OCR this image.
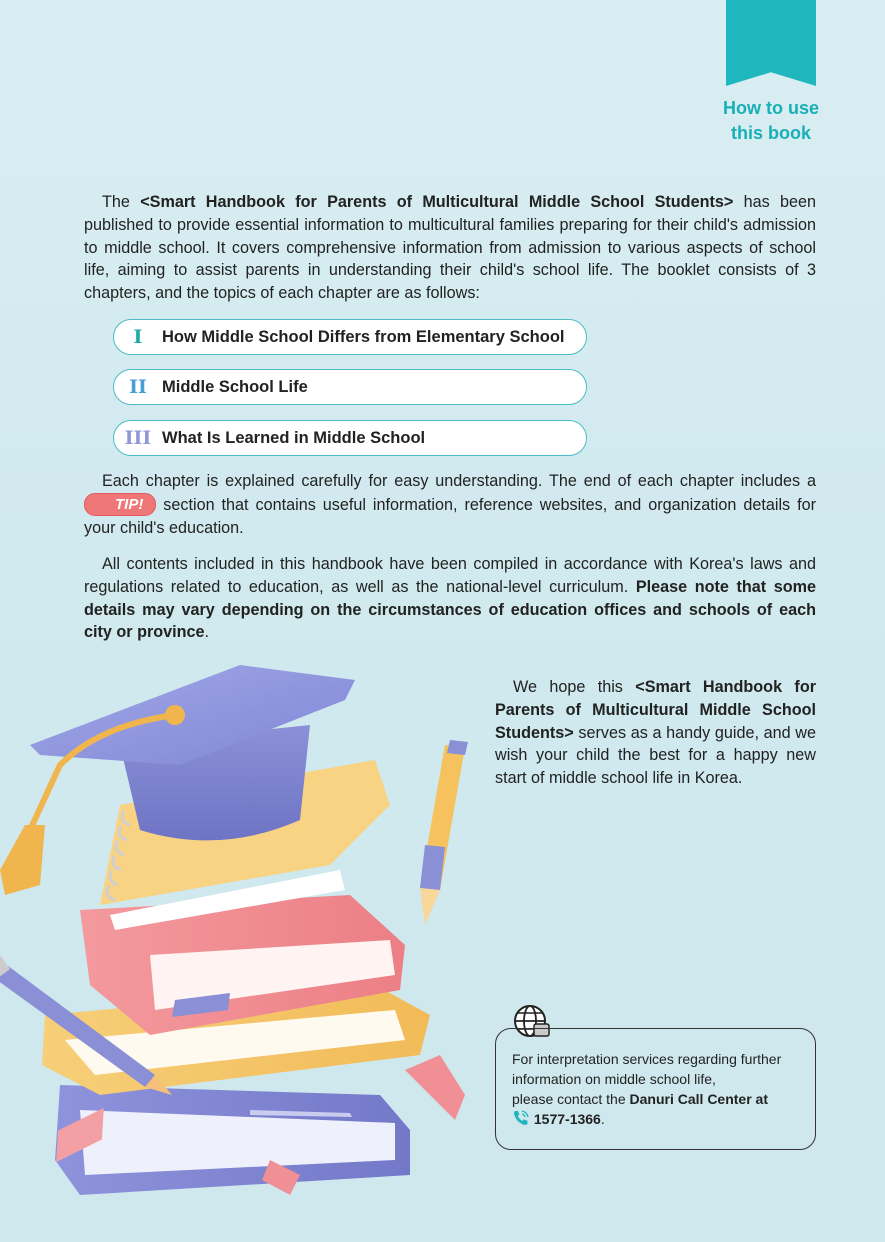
How to use
this book

The <Smart Handbook for Parents of Multicultural Middle School Students> has been published to provide essential information to multicultural families preparing for their child's admission to middle school. It covers comprehensive information from admission to various aspects of school life, aiming to assist parents in understanding their child's school life. The booklet consists of 3 chapters, and the topics of each chapter are as follows:

I	How Middle School Differs from Elementary School
II Middle School Life
III What Is Learned in Middle School

Each chapter is explained carefully for easy understanding. The end of each chapter includes a TIP! section that contains useful information, reference websites, and organization details for your child's education.

All contents included in this handbook have been compiled in accordance with Korea's laws and regulations related to education, as well as the national-level curriculum. Please note that some details may vary depending on the circumstances of education offices and schools of each city or province.

We hope this <Smart Handbook for Parents of Multicultural Middle School Students> serves as a handy guide, and we wish your child the best for a happy new start of middle school life in Korea.

For interpretation services regarding further information on middle school life,
please contact the Danuri Call Center at
1577-1366.
